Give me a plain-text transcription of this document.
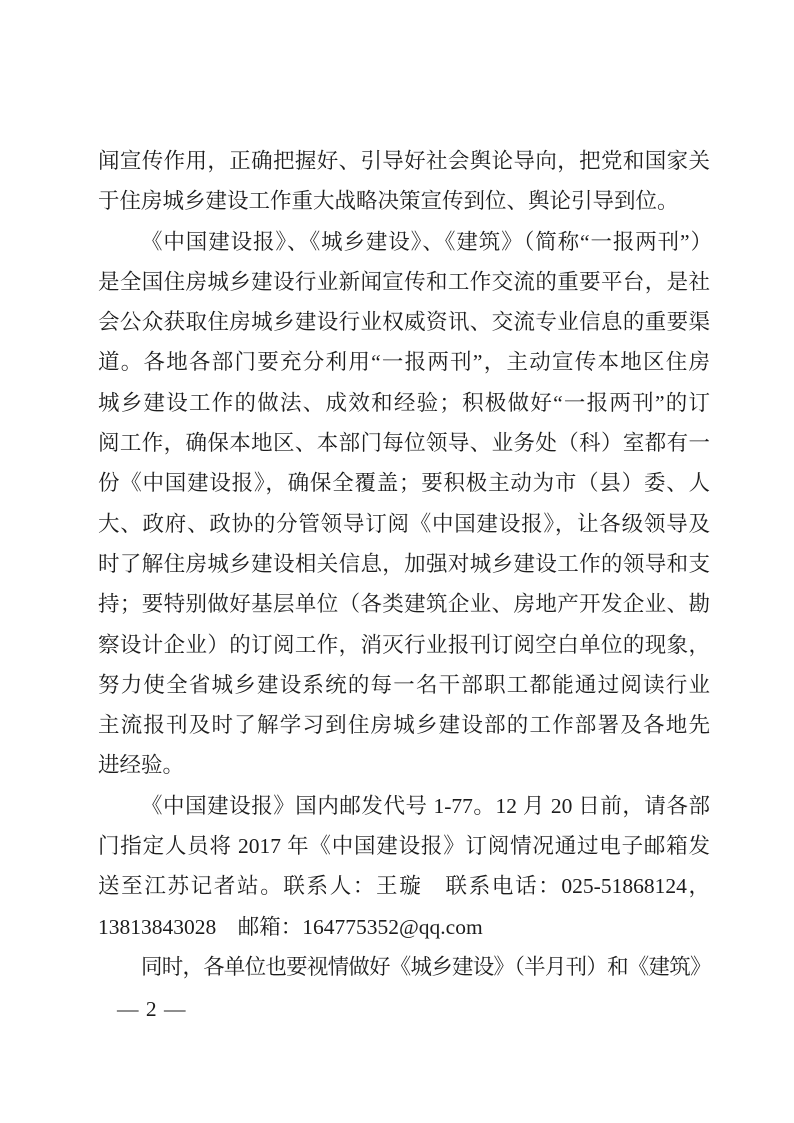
闻宣传作用，正确把握好、引导好社会舆论导向，把党和国家关
于住房城乡建设工作重大战略决策宣传到位、舆论引导到位。
《中国建设报》、《城乡建设》、《建筑》（简称“一报两刊”）
是全国住房城乡建设行业新闻宣传和工作交流的重要平台，是社
会公众获取住房城乡建设行业权威资讯、交流专业信息的重要渠
道。各地各部门要充分利用“一报两刊”，主动宣传本地区住房
城乡建设工作的做法、成效和经验；积极做好“一报两刊”的订
阅工作，确保本地区、本部门每位领导、业务处（科）室都有一
份《中国建设报》，确保全覆盖；要积极主动为市（县）委、人
大、政府、政协的分管领导订阅《中国建设报》，让各级领导及
时了解住房城乡建设相关信息，加强对城乡建设工作的领导和支
持；要特别做好基层单位（各类建筑企业、房地产开发企业、勘
察设计企业）的订阅工作，消灭行业报刊订阅空白单位的现象，
努力使全省城乡建设系统的每一名干部职工都能通过阅读行业
主流报刊及时了解学习到住房城乡建设部的工作部署及各地先
进经验。
《中国建设报》国内邮发代号 1-77。12 月 20 日前，请各部
门指定人员将 2017 年《中国建设报》订阅情况通过电子邮箱发
送至江苏记者站。联系人：王璇　联系电话：025-51868124，
13813843028　邮箱：164775352@qq.com
同时，各单位也要视情做好《城乡建设》（半月刊）和《建筑》
— 2 —
